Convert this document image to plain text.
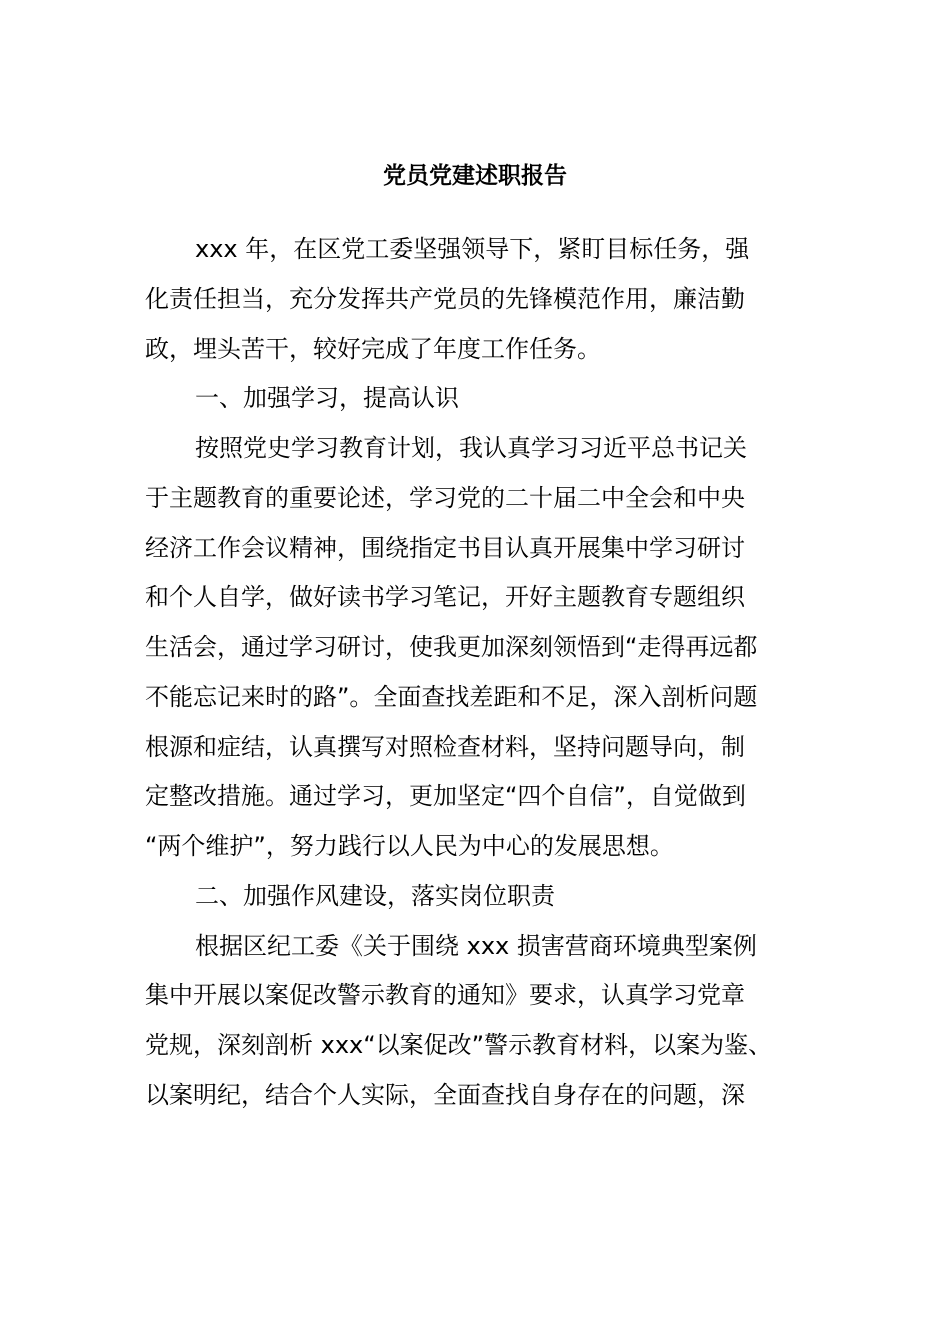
党员党建述职报告
xxx 年，在区党工委坚强领导下，紧盯目标任务，强
化责任担当，充分发挥共产党员的先锋模范作用，廉洁勤
政，埋头苦干，较好完成了年度工作任务。
一、加强学习，提高认识
按照党史学习教育计划，我认真学习习近平总书记关
于主题教育的重要论述，学习党的二十届二中全会和中央
经济工作会议精神，围绕指定书目认真开展集中学习研讨
和个人自学，做好读书学习笔记，开好主题教育专题组织
生活会，通过学习研讨，使我更加深刻领悟到“走得再远都
不能忘记来时的路”。全面查找差距和不足，深入剖析问题
根源和症结，认真撰写对照检查材料，坚持问题导向，制
定整改措施。通过学习，更加坚定“四个自信”，自觉做到
“两个维护”，努力践行以人民为中心的发展思想。
二、加强作风建设，落实岗位职责
根据区纪工委《关于围绕 xxx 损害营商环境典型案例
集中开展以案促改警示教育的通知》要求，认真学习党章
党规，深刻剖析 xxx“以案促改”警示教育材料，以案为鉴、
以案明纪，结合个人实际，全面查找自身存在的问题，深
